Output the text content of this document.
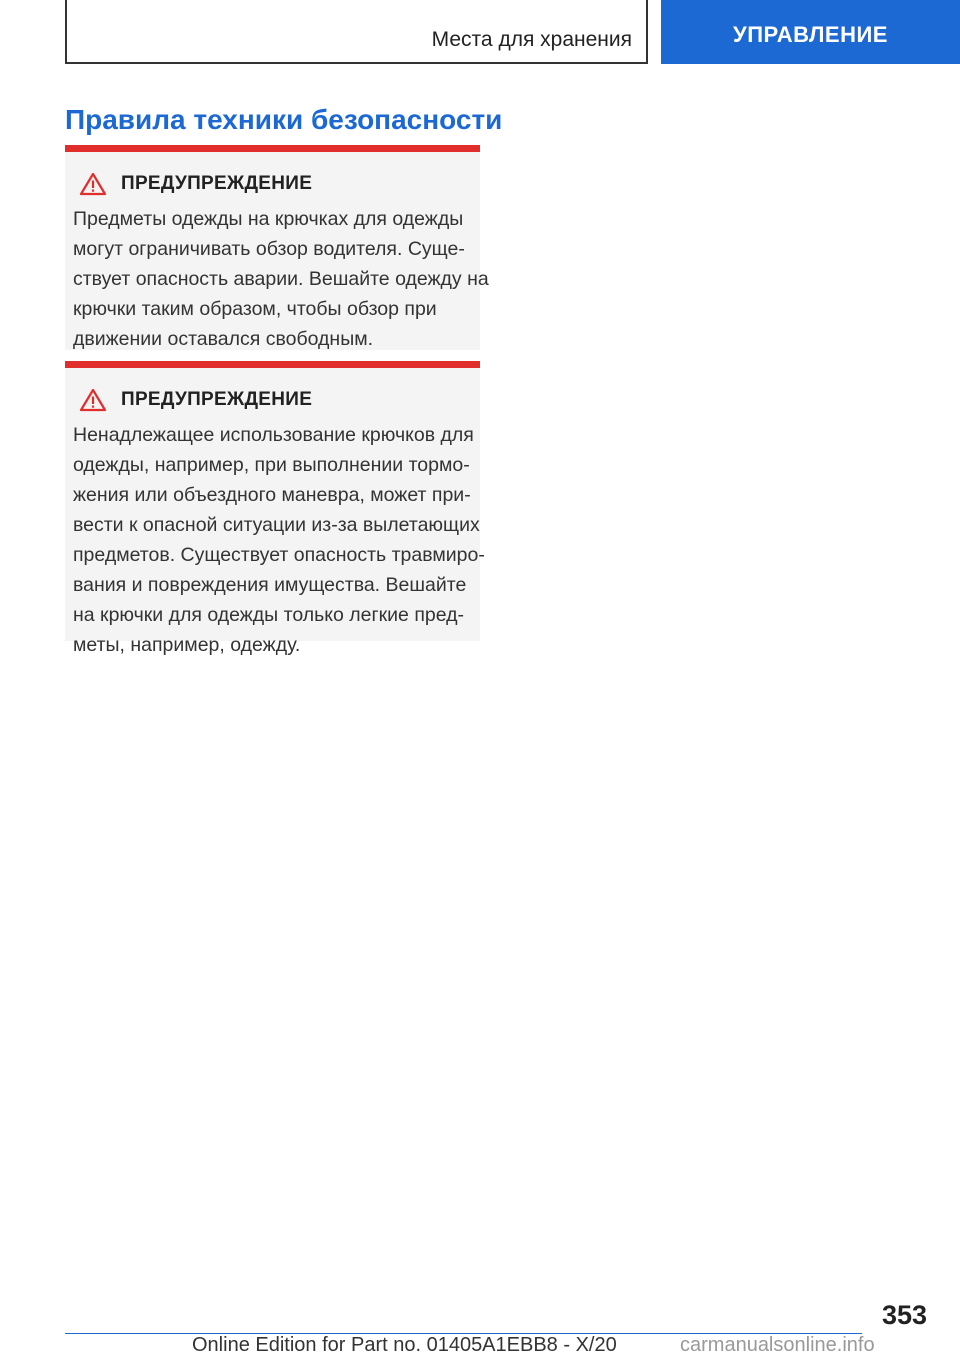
Места для хранения	УПРАВЛЕНИЕ
Правила техники безопасности
ПРЕДУПРЕЖДЕНИЕ
Предметы одежды на крючках для одежды
могут ограничивать обзор водителя. Суще-
ствует опасность аварии. Вешайте одежду на
крючки таким образом, чтобы обзор при
движении оставался свободным.
ПРЕДУПРЕЖДЕНИЕ
Ненадлежащее использование крючков для
одежды, например, при выполнении тормо-
жения или объездного маневра, может при-
вести к опасной ситуации из-за вылетающих
предметов. Существует опасность травмиро-
вания и повреждения имущества. Вешайте
на крючки для одежды только легкие пред-
меты, например, одежду.
353
Online Edition for Part no. 01405A1EBB8 - X/20	carmanualsonline.info
